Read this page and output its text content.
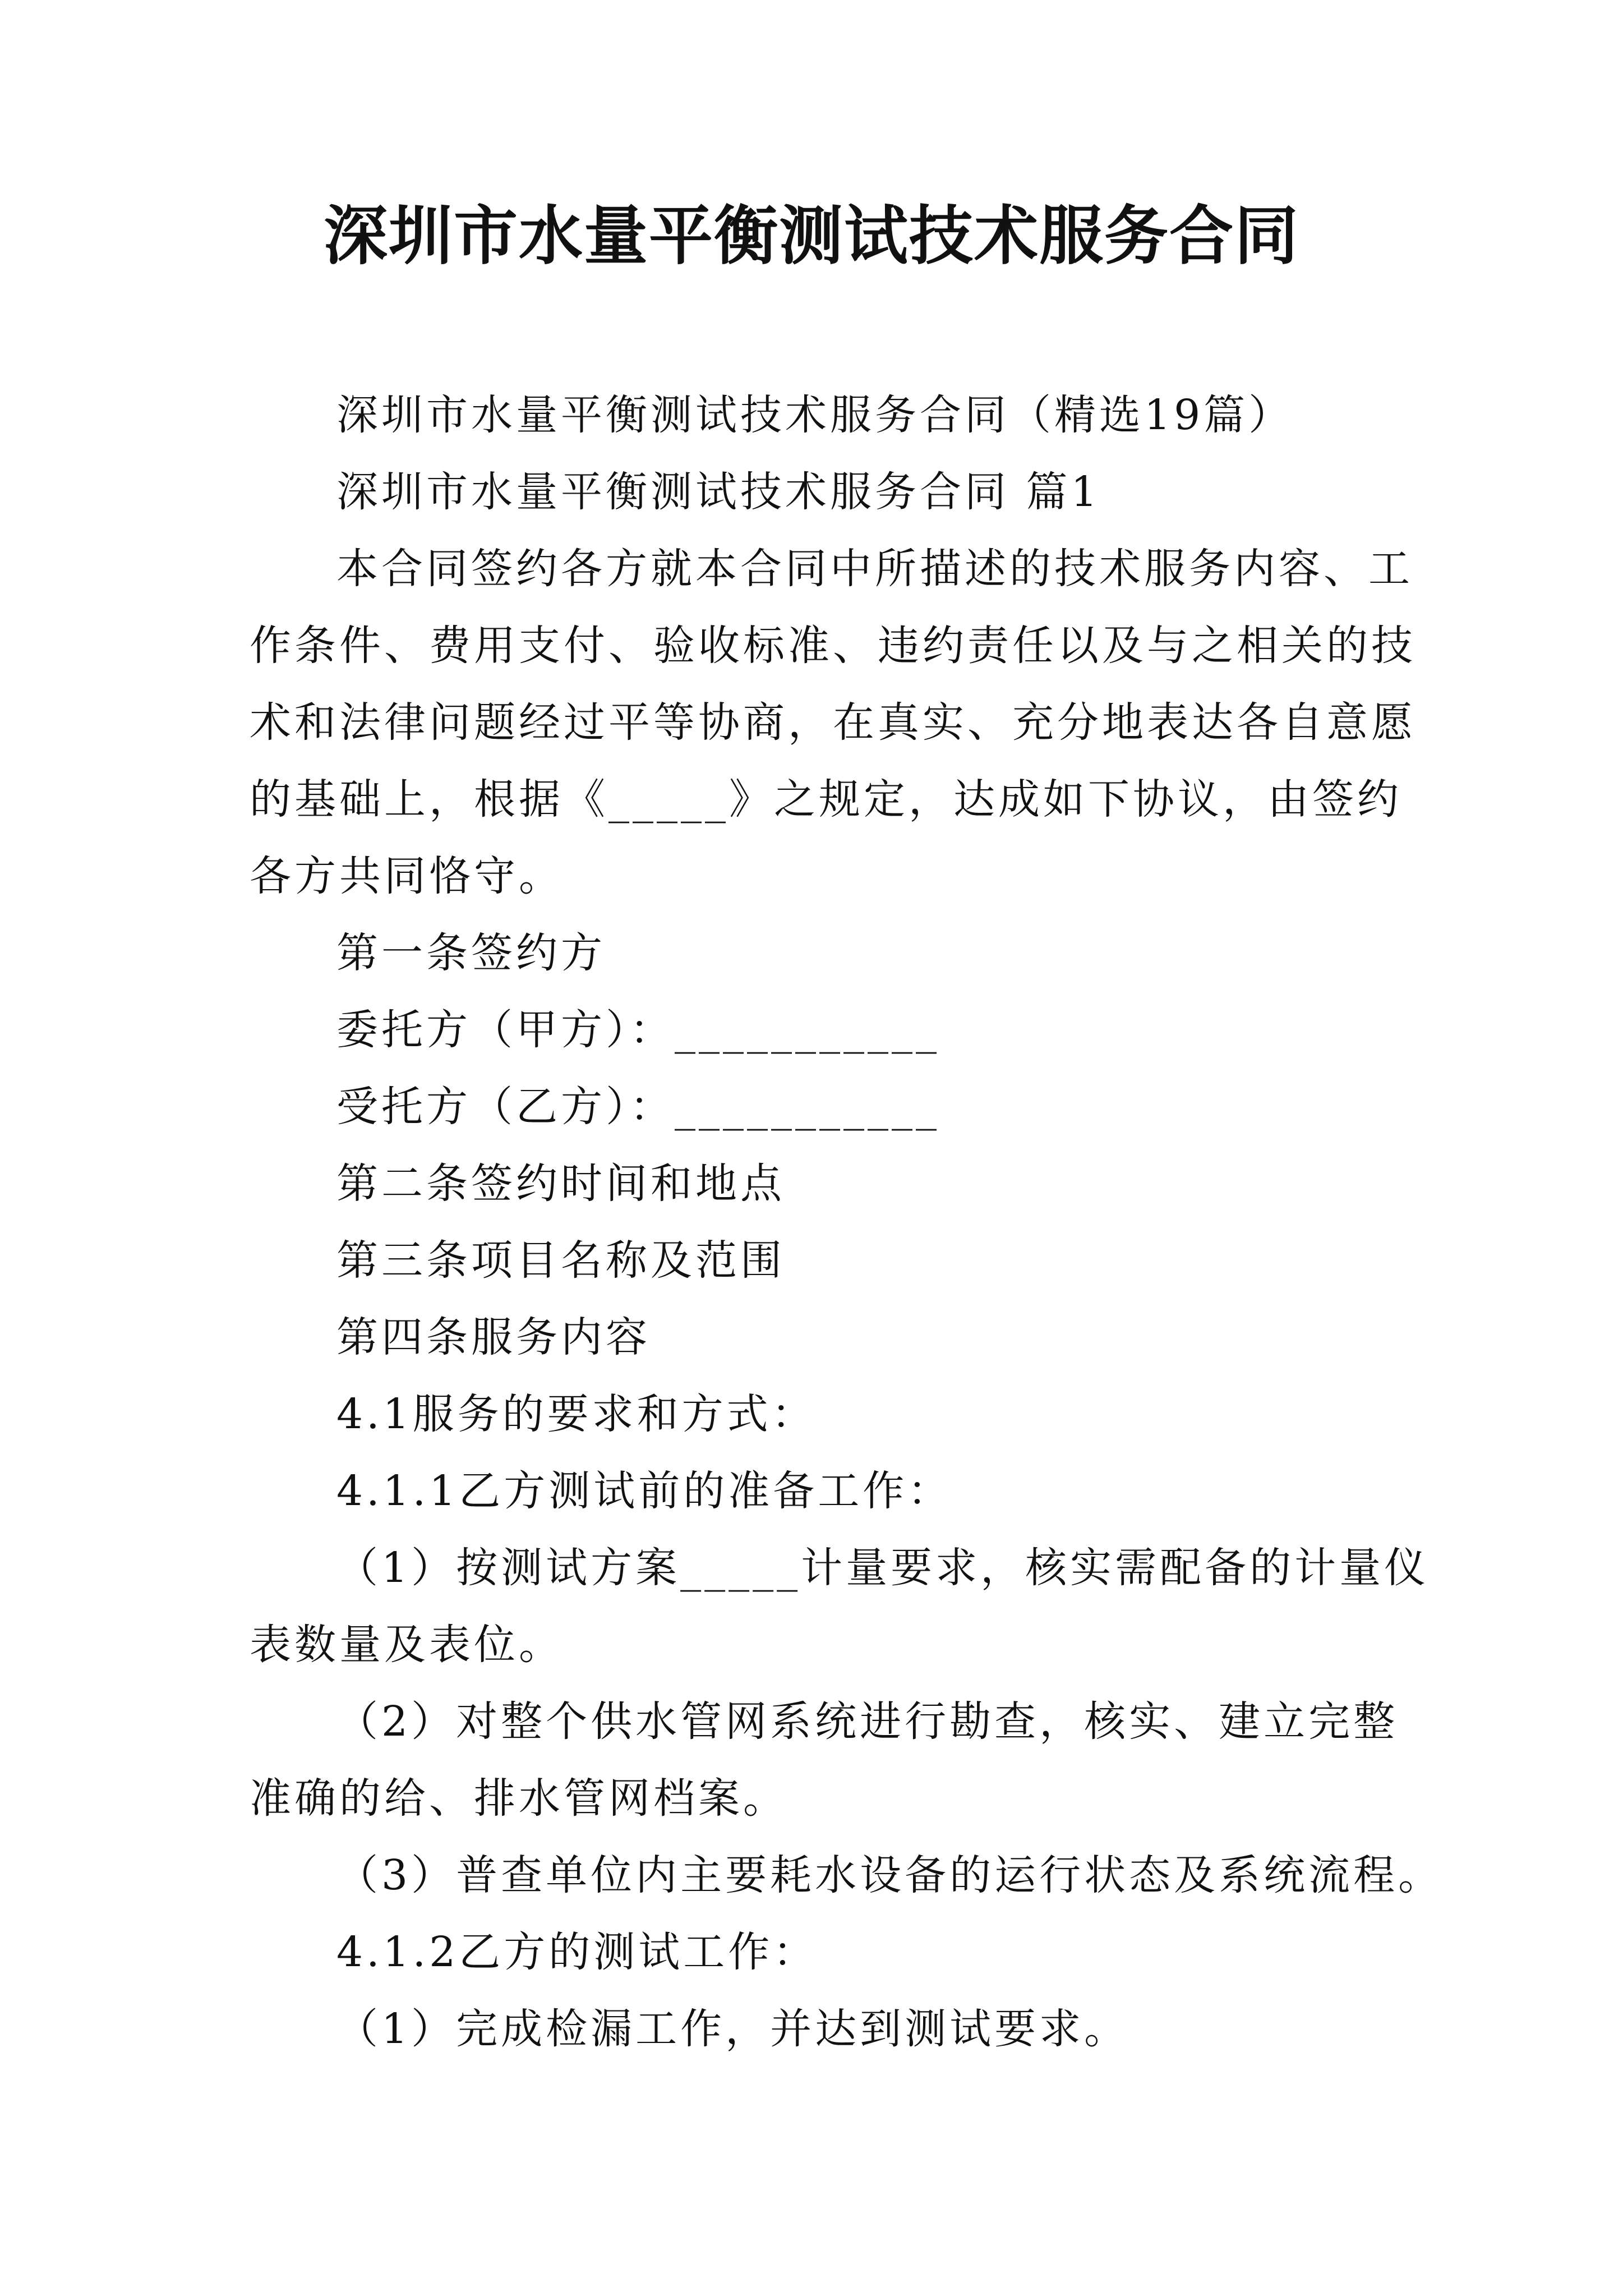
深圳市水量平衡测试技术服务合同
深圳市水量平衡测试技术服务合同（精选19篇）
深圳市水量平衡测试技术服务合同 篇1
本合同签约各方就本合同中所描述的技术服务内容、工
作条件、费用支付、验收标准、违约责任以及与之相关的技
术和法律问题经过平等协商，在真实、充分地表达各自意愿
的基础上，根据《_____》之规定，达成如下协议，由签约
各方共同恪守。
第一条签约方
委托方（甲方）：___________
受托方（乙方）：___________
第二条签约时间和地点
第三条项目名称及范围
第四条服务内容
4.1服务的要求和方式：
4.1.1乙方测试前的准备工作：
（1）按测试方案_____计量要求，核实需配备的计量仪
表数量及表位。
（2）对整个供水管网系统进行勘查，核实、建立完整
准确的给、排水管网档案。
（3）普查单位内主要耗水设备的运行状态及系统流程。
4.1.2乙方的测试工作：
（1）完成检漏工作，并达到测试要求。
